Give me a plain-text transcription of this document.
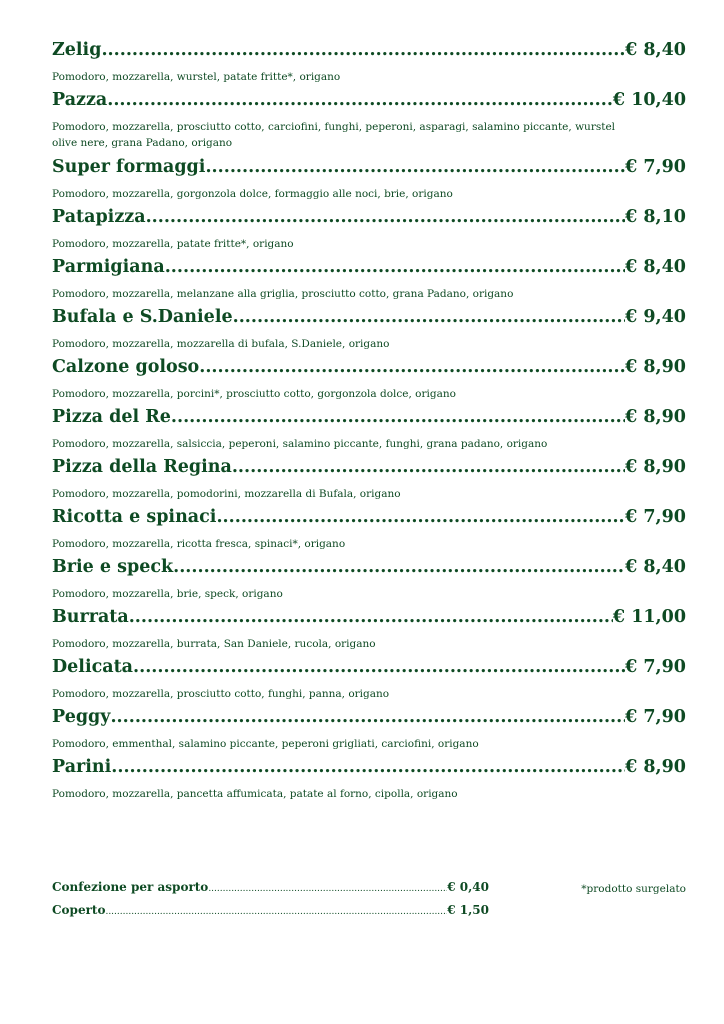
Zelig .....	€ 8,40
Pomodoro, mozzarella, wurstel, patate fritte*, origano
Pazza .....	€ 10,40
Pomodoro, mozzarella, prosciutto cotto, carciofini, funghi, peperoni, asparagi, salamino piccante, wurstel olive nere, grana Padano, origano
Super formaggi .....	€ 7,90
Pomodoro, mozzarella, gorgonzola dolce, formaggio alle noci, brie, origano
Patapizza .....	€ 8,10
Pomodoro, mozzarella, patate fritte*, origano
Parmigiana .....	€ 8,40
Pomodoro, mozzarella, melanzane alla griglia, prosciutto cotto, grana Padano, origano
Bufala e S.Daniele .....	€ 9,40
Pomodoro, mozzarella, mozzarella di bufala, S.Daniele, origano
Calzone goloso .....	€ 8,90
Pomodoro, mozzarella, porcini*, prosciutto cotto, gorgonzola dolce, origano
Pizza del Re .....	€ 8,90
Pomodoro, mozzarella, salsiccia, peperoni, salamino piccante, funghi, grana padano, origano
Pizza della Regina .....	€ 8,90
Pomodoro, mozzarella, pomodorini, mozzarella di Bufala, origano
Ricotta e spinaci .....	€ 7,90
Pomodoro, mozzarella, ricotta fresca, spinaci*, origano
Brie e speck .....	€ 8,40
Pomodoro, mozzarella, brie, speck, origano
Burrata .....	€ 11,00
Pomodoro, mozzarella, burrata, San Daniele, rucola, origano
Delicata .....	€ 7,90
Pomodoro, mozzarella, prosciutto cotto, funghi, panna, origano
Peggy .....	€ 7,90
Pomodoro, emmenthal, salamino piccante, peperoni grigliati, carciofini, origano
Parini .....	€ 8,90
Pomodoro, mozzarella, pancetta affumicata, patate al forno, cipolla, origano
Confezione per asporto .....	€ 0,40
Coperto .....	€ 1,50
*prodotto surgelato
